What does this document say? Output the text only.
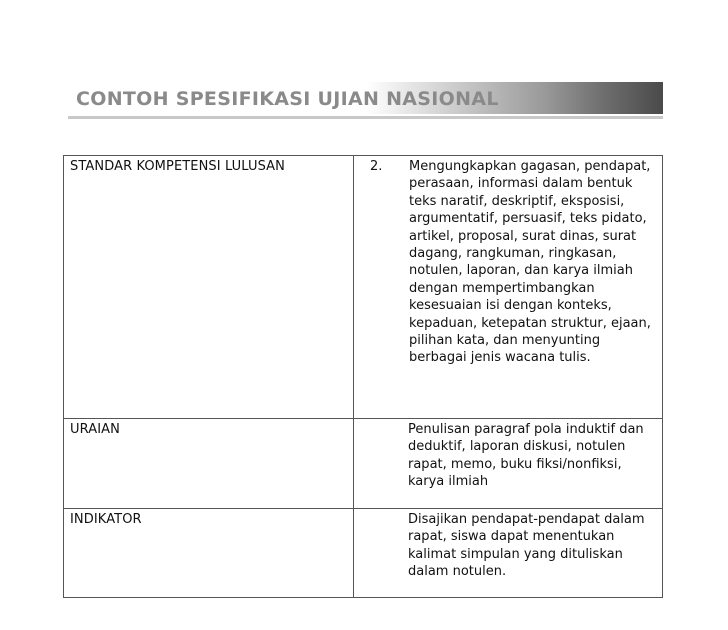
CONTOH SPESIFIKASI UJIAN NASIONAL
STANDAR KOMPETENSI LULUSAN	2. Mengungkapkan gagasan, pendapat, perasaan, informasi dalam bentuk teks naratif, deskriptif, eksposisi, argumentatif, persuasif, teks pidato, artikel, proposal, surat dinas, surat dagang, rangkuman, ringkasan, notulen, laporan, dan karya ilmiah dengan mempertimbangkan kesesuaian isi dengan konteks, kepaduan, ketepatan struktur, ejaan, pilihan kata, dan menyunting berbagai jenis wacana tulis.

URAIAN	Penulisan paragraf pola induktif dan deduktif, laporan diskusi, notulen rapat, memo, buku fiksi/nonfiksi, karya ilmiah

INDIKATOR	Disajikan pendapat-pendapat dalam rapat, siswa dapat menentukan kalimat simpulan yang dituliskan dalam notulen.
